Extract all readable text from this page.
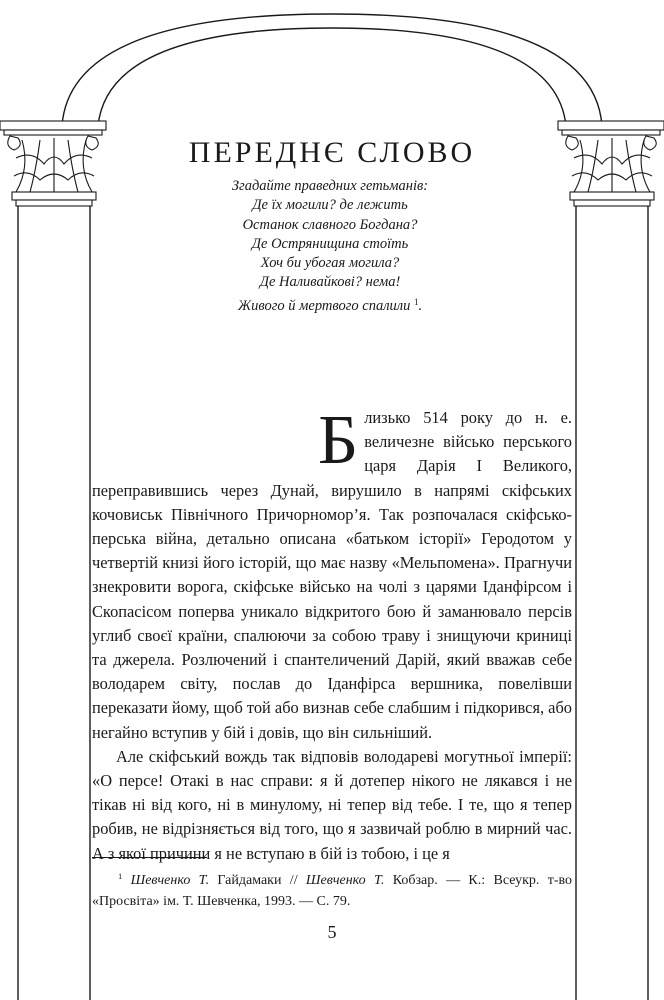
ПЕРЕДНЄ СЛОВО
Згадайте праведних гетьманів:
Де їх могили? де лежить
Останок славного Богдана?
Де Острянищина стоїть
Хоч би убогая могила?
Де Наливайкові? нема!
Живого й мертвого спалили $^1$.

Близько 514 року до н. е. величезне військо перського царя Дарія І Великого, переправившись через Дунай, вирушило в напрямі скіфських кочовиськ Північного Причорномор’я. Так розпочалася скіфсько-перська війна, детально описана «батьком історії» Геродотом у четвертій книзі його історій, що має назву «Мельпомена». Прагнучи знекровити ворога, скіфське військо на чолі з царями Іданфірсом і Скопасісом поперва уникало відкритого бою й заманювало персів углиб своєї країни, спалюючи за собою траву і знищуючи криниці та джерела. Розлючений і спантеличений Дарій, який вважав себе володарем світу, послав до Іданфірса вершника, повелівши переказати йому, щоб той або визнав себе слабшим і підкорився, або негайно вступив у бій і довів, що він сильніший.

Але скіфський вождь так відповів володареві могутньої імперії: «О персе! Отакі в нас справи: я й дотепер нікого не лякався і не тікав ні від кого, ні в минулому, ні тепер від тебе. І те, що я тепер робив, не відрізняється від того, що я зазвичай роблю в мирний час. А з якої причини я не вступаю в бій із тобою, і це я

$^1$ Шевченко Т. Гайдамаки // Шевченко Т. Кобзар. — К.: Всеукр. т-во «Просвіта» ім. Т. Шевченка, 1993. — С. 79.
5
